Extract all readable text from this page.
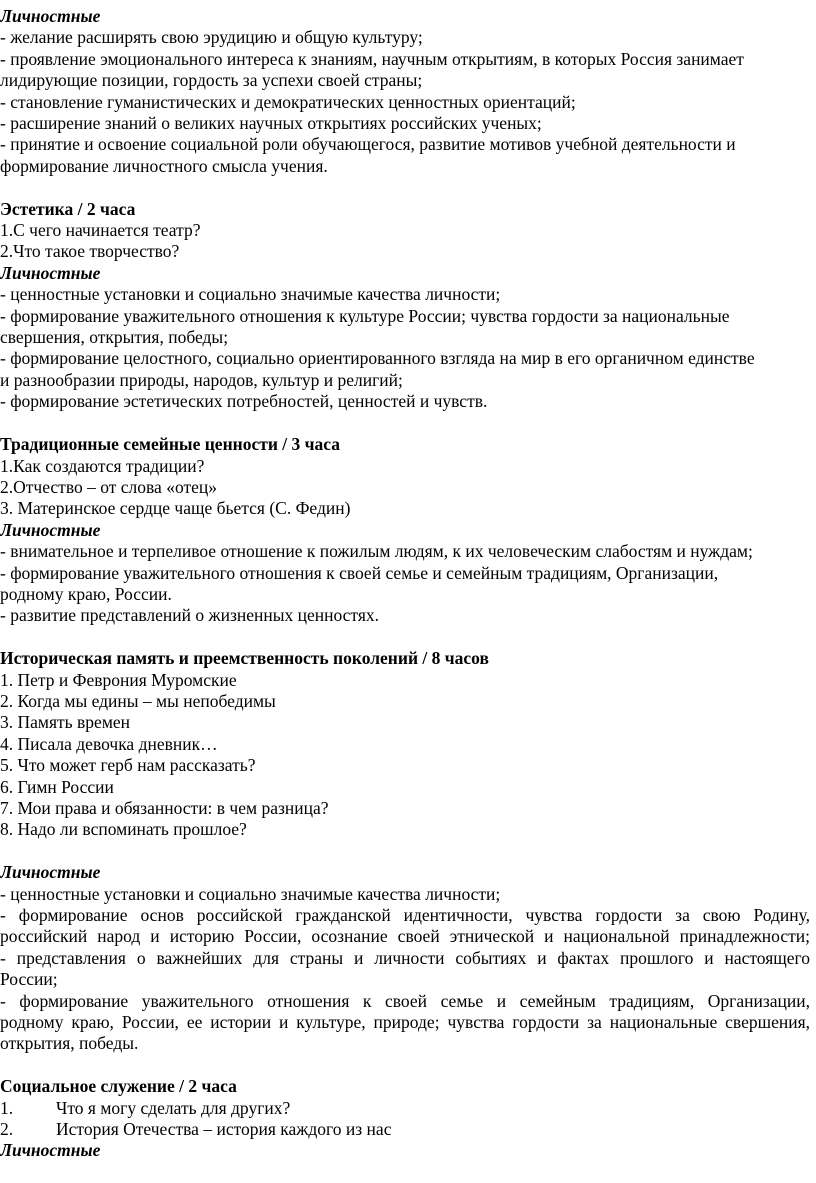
Личностные
- желание расширять свою эрудицию и общую культуру;
- проявление эмоционального интереса к знаниям, научным открытиям, в которых Россия занимает
лидирующие позиции, гордость за успехи своей страны;
- становление гуманистических и демократических ценностных ориентаций;
- расширение знаний о великих научных открытиях российских ученых;
- принятие и освоение социальной роли обучающегося, развитие мотивов учебной деятельности и
формирование личностного смысла учения.
Эстетика / 2 часа
1.С чего начинается театр?
2.Что такое творчество?
Личностные
- ценностные установки и социально значимые качества личности;
- формирование уважительного отношения к культуре России; чувства гордости за национальные
свершения, открытия, победы;
- формирование целостного, социально ориентированного взгляда на мир в его органичном единстве
и разнообразии природы, народов, культур и религий;
- формирование эстетических потребностей, ценностей и чувств.
Традиционные семейные ценности / 3 часа
1.Как создаются традиции?
2.Отчество – от слова «отец»
3. Материнское сердце чаще бьется (С. Федин)
Личностные
- внимательное и терпеливое отношение к пожилым людям, к их человеческим слабостям и нуждам;
- формирование уважительного отношения к своей семье и семейным традициям, Организации,
родному краю, России.
- развитие представлений о жизненных ценностях.
Историческая память и преемственность поколений / 8 часов
1. Петр и Феврония Муромские
2. Когда мы едины – мы непобедимы
3. Память времен
4. Писала девочка дневник…
5. Что может герб нам рассказать?
6. Гимн России
7. Мои права и обязанности: в чем разница?
8. Надо ли вспоминать прошлое?
Личностные
- ценностные установки и социально значимые качества личности;
- формирование основ российской гражданской идентичности, чувства гордости за свою Родину,
российский народ и историю России, осознание своей этнической и национальной принадлежности;
- представления о важнейших для страны и личности событиях и фактах прошлого и настоящего
России;
- формирование уважительного отношения к своей семье и семейным традициям, Организации,
родному краю, России, ее истории и культуре, природе; чувства гордости за национальные свершения,
открытия, победы.
Социальное служение / 2 часа
1. Что я могу сделать для других?
2. История Отечества – история каждого из нас
Личностные
